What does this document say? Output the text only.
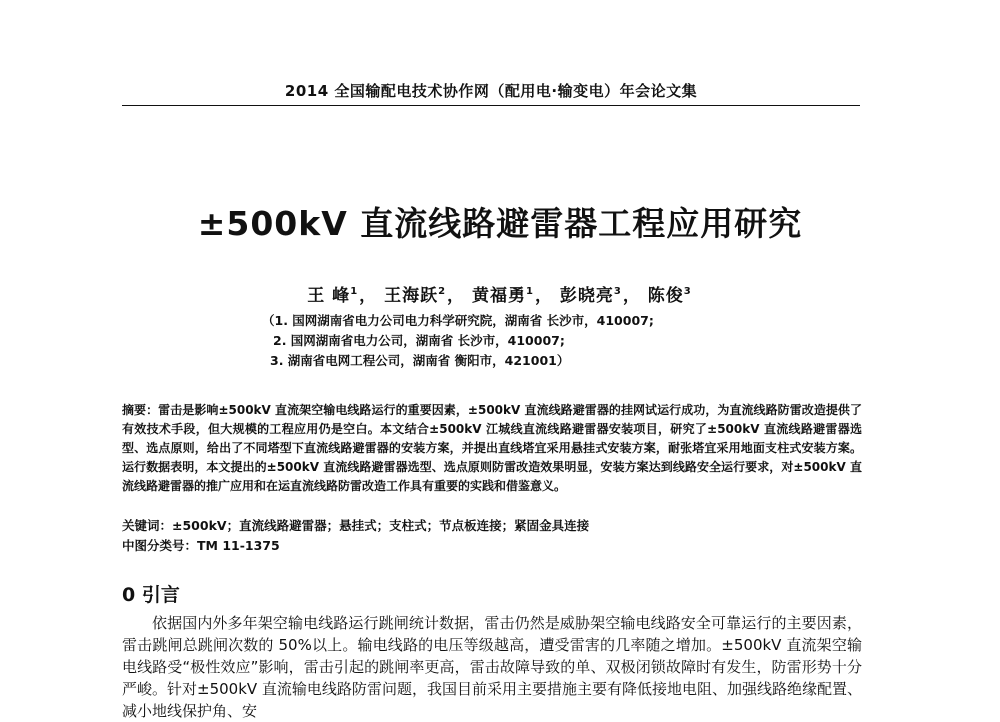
2014 全国输配电技术协作网（配用电·输变电）年会论文集
±500kV 直流线路避雷器工程应用研究
王 峰$^1$， 王海跃$^2$， 黄福勇$^1$， 彭晓亮$^3$， 陈俊$^3$
（1. 国网湖南省电力公司电力科学研究院，湖南省 长沙市，410007;
2. 国网湖南省电力公司，湖南省 长沙市，410007;
3. 湖南省电网工程公司，湖南省 衡阳市，421001）

摘要：雷击是影响±500kV 直流架空输电线路运行的重要因素，±500kV 直流线路避雷器的挂网试运行成功，为直流线路防雷改造提供了有效技术手段，但大规模的工程应用仍是空白。本文结合±500kV 江城线直流线路避雷器安装项目，研究了±500kV 直流线路避雷器选型、选点原则，给出了不同塔型下直流线路避雷器的安装方案，并提出直线塔宜采用悬挂式安装方案，耐张塔宜采用地面支柱式安装方案。运行数据表明，本文提出的±500kV 直流线路避雷器选型、选点原则防雷改造效果明显，安装方案达到线路安全运行要求，对±500kV 直流线路避雷器的推广应用和在运直流线路防雷改造工作具有重要的实践和借鉴意义。

关键词：±500kV；直流线路避雷器；悬挂式；支柱式；节点板连接；紧固金具连接
中图分类号：TM 11-1375
0 引言

依据国内外多年架空输电线路运行跳闸统计数据，雷击仍然是威胁架空输电线路安全可靠运行的主要因素，雷击跳闸总跳闸次数的 50%以上。输电线路的电压等级越高，遭受雷害的几率随之增加。±500kV 直流架空输电线路受“极性效应”影响，雷击引起的跳闸率更高，雷击故障导致的单、双极闭锁故障时有发生，防雷形势十分严峻。针对±500kV 直流输电线路防雷问题，我国目前采用主要措施主要有降低接地电阻、加强线路绝缘配置、减小地线保护角、安
